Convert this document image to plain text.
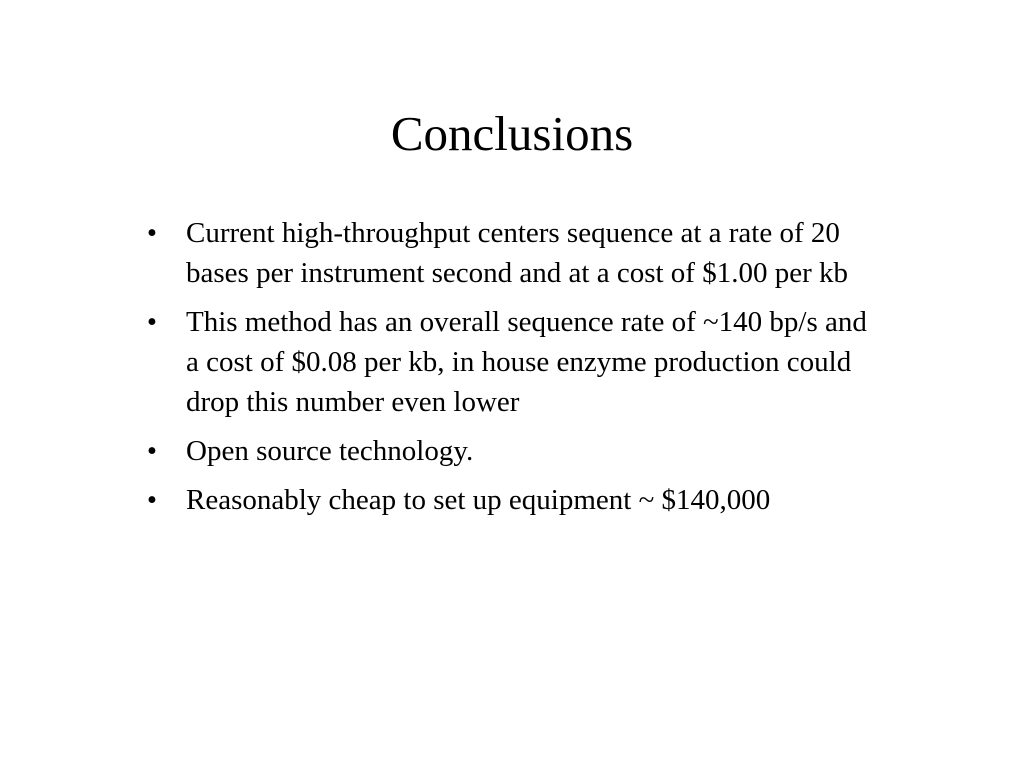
Conclusions
• Current high-throughput centers sequence at a rate of 20 bases per instrument second and at a cost of $1.00 per kb
• This method has an overall sequence rate of ~140 bp/s and a cost of $0.08 per kb, in house enzyme production could drop this number even lower
• Open source technology.
• Reasonably cheap to set up equipment ~ $140,000
